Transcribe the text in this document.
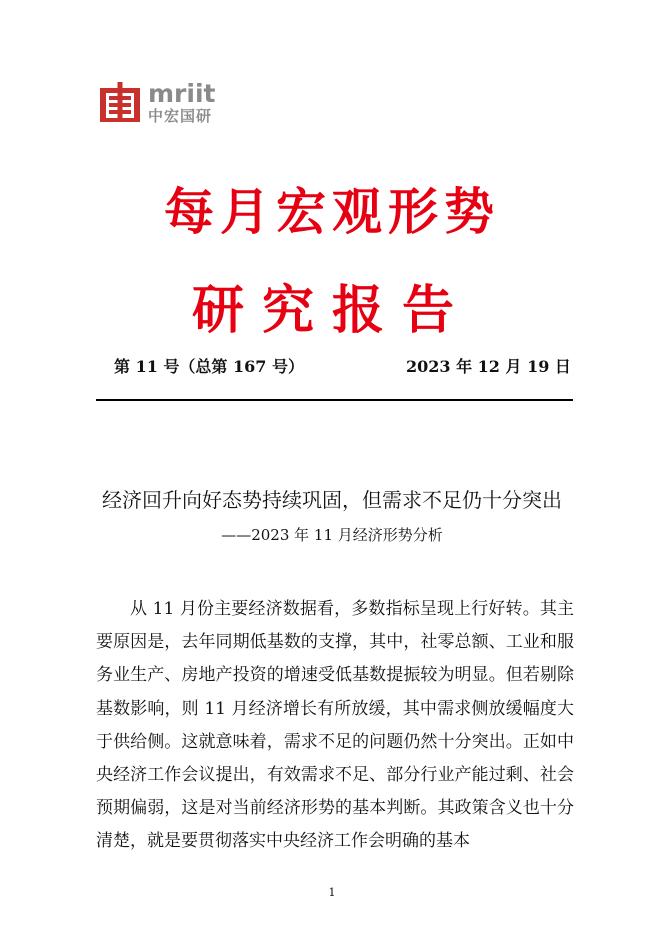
mriit
中宏国研
每月宏观形势
研究报告
第 11 号（总第 167 号）	2023 年 12 月 19 日
经济回升向好态势持续巩固，但需求不足仍十分突出
——2023 年 11 月经济形势分析

从 11 月份主要经济数据看，多数指标呈现上行好转。其主要原因是，去年同期低基数的支撑，其中，社零总额、工业和服务业生产、房地产投资的增速受低基数提振较为明显。但若剔除基数影响，则 11 月经济增长有所放缓，其中需求侧放缓幅度大于供给侧。这就意味着，需求不足的问题仍然十分突出。正如中央经济工作会议提出，有效需求不足、部分行业产能过剩、社会预期偏弱，这是对当前经济形势的基本判断。其政策含义也十分清楚，就是要贯彻落实中央经济工作会明确的基本

1
